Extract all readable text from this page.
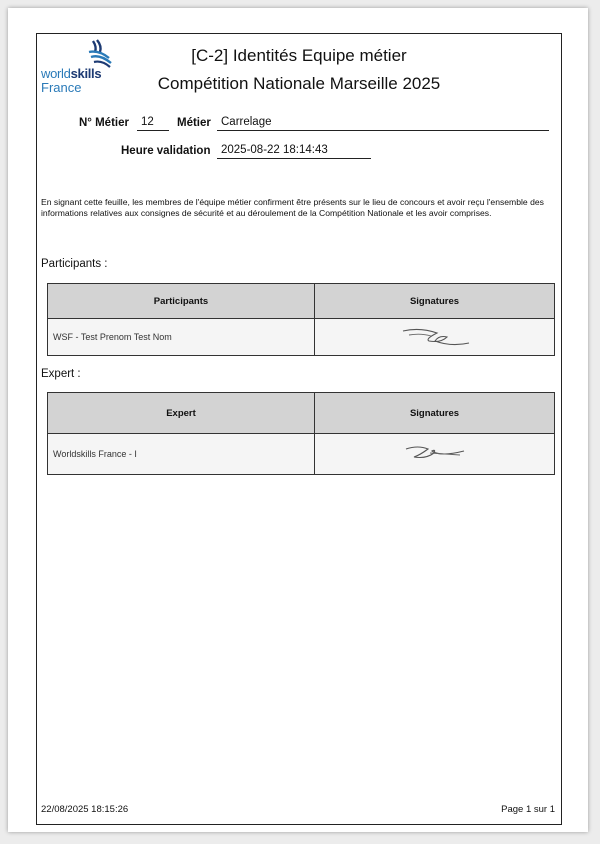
worldskills
France
[C-2] Identités Equipe métier
Compétition Nationale Marseille 2025
N° Métier	12	Métier Carrelage
Heure validation 2025-08-22 18:14:43
En signant cette feuille, les membres de l'équipe métier confirment être présents sur le lieu de concours et avoir reçu l'ensemble des informations relatives aux consignes de sécurité et au déroulement de la Compétition Nationale et les avoir comprises.
Participants :
Participants	Signatures
WSF - Test Prenom Test Nom	
Expert :
Expert	Signatures
Worldskills France - I	
22/08/2025 18:15:26	Page 1 sur 1
